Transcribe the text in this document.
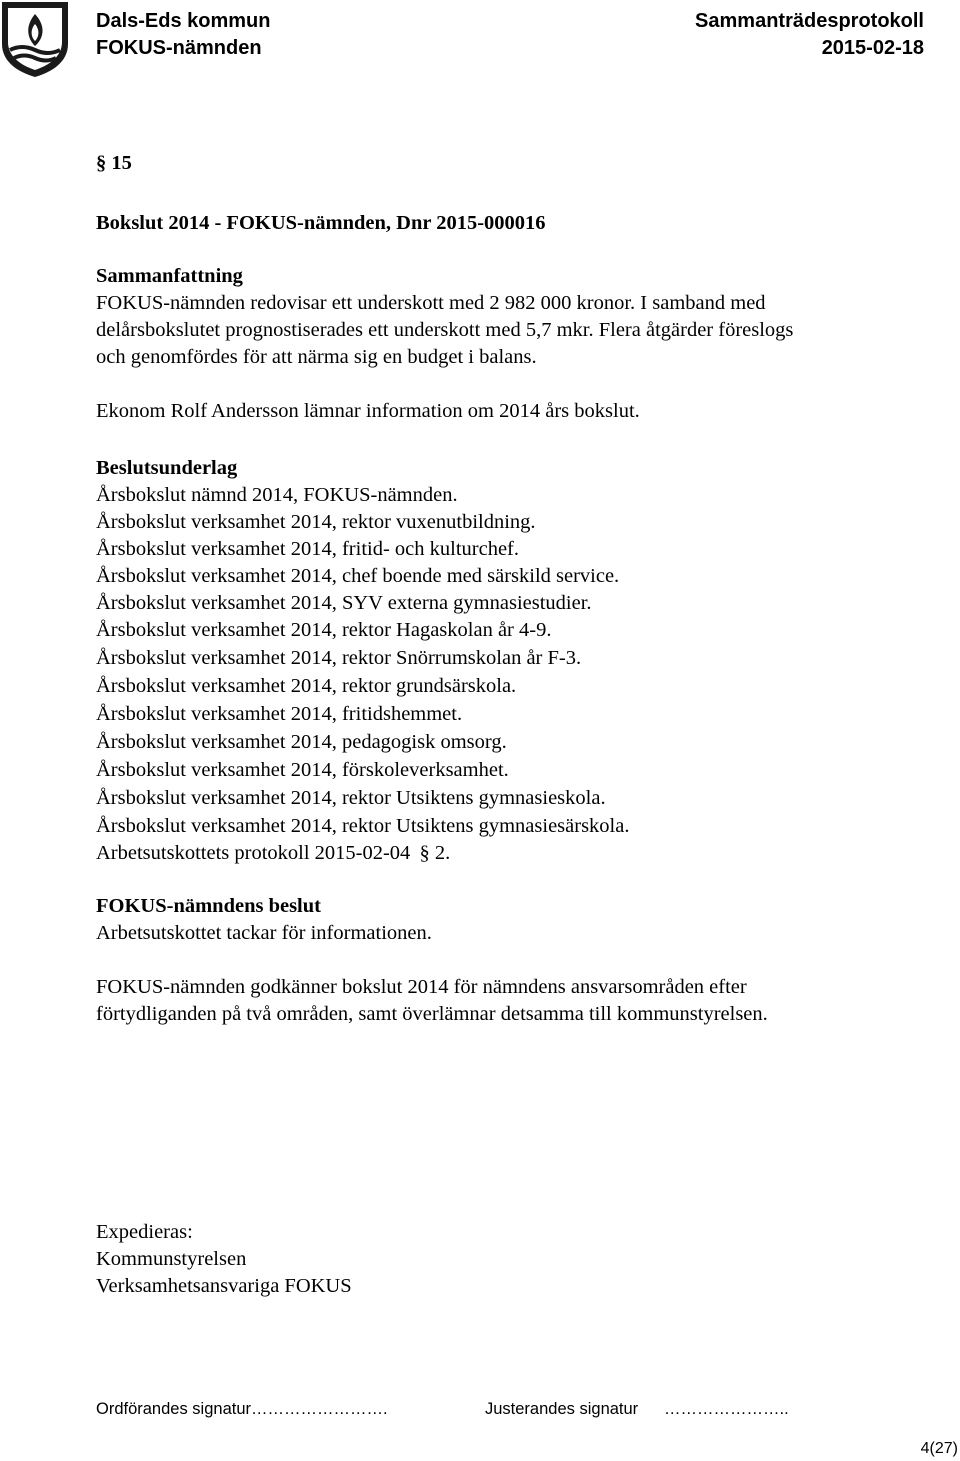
Dals-Eds kommun
FOKUS-nämnden
Sammanträdesprotokoll
2015-02-18
§ 15
Bokslut 2014 - FOKUS-nämnden, Dnr 2015-000016
Sammanfattning
FOKUS-nämnden redovisar ett underskott med 2 982 000 kronor. I samband med
delårsbokslutet prognostiserades ett underskott med 5,7 mkr. Flera åtgärder föreslogs
och genomfördes för att närma sig en budget i balans.
Ekonom Rolf Andersson lämnar information om 2014 års bokslut.
Beslutsunderlag
Årsbokslut nämnd 2014, FOKUS-nämnden.
Årsbokslut verksamhet 2014, rektor vuxenutbildning.
Årsbokslut verksamhet 2014, fritid- och kulturchef.
Årsbokslut verksamhet 2014, chef boende med särskild service.
Årsbokslut verksamhet 2014, SYV externa gymnasiestudier.
Årsbokslut verksamhet 2014, rektor Hagaskolan år 4-9.
Årsbokslut verksamhet 2014, rektor Snörrumskolan år F-3.
Årsbokslut verksamhet 2014, rektor grundsärskola.
Årsbokslut verksamhet 2014, fritidshemmet.
Årsbokslut verksamhet 2014, pedagogisk omsorg.
Årsbokslut verksamhet 2014, förskoleverksamhet.
Årsbokslut verksamhet 2014, rektor Utsiktens gymnasieskola.
Årsbokslut verksamhet 2014, rektor Utsiktens gymnasiesärskola.
Arbetsutskottets protokoll 2015-02-04 § 2.
FOKUS-nämndens beslut
Arbetsutskottet tackar för informationen.
FOKUS-nämnden godkänner bokslut 2014 för nämndens ansvarsområden efter
förtydliganden på två områden, samt överlämnar detsamma till kommunstyrelsen.
Expedieras:
Kommunstyrelsen
Verksamhetsansvariga FOKUS
Ordförandes signatur…………………….	Justerandes signatur …………………..
4(27)
